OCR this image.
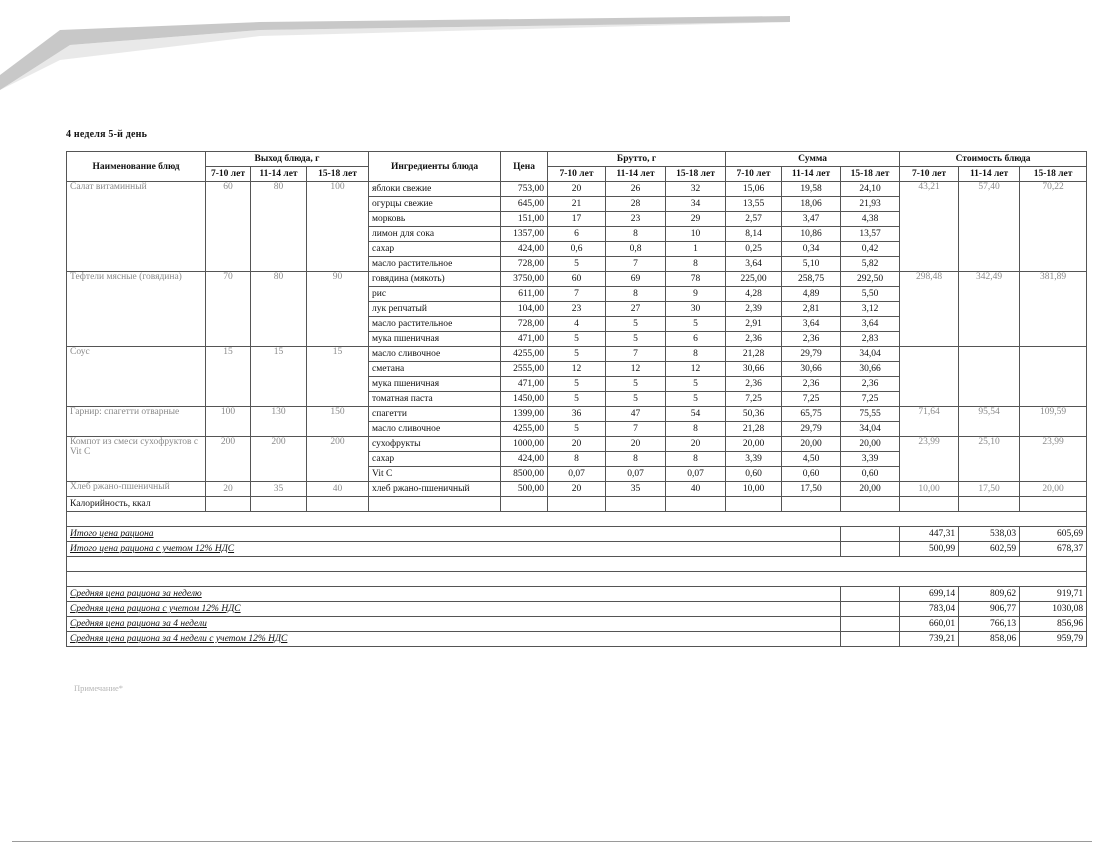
4 неделя 5-й день
Наименование блюд	Выход блюда, г			Ингредиенты блюда	Цена	Брутто, г			Сумма			Стоимость блюда		
	7-10 лет	11-14 лет	15-18 лет			7-10 лет	11-14 лет	15-18 лет	7-10 лет	11-14 лет	15-18 лет	7-10 лет	11-14 лет	15-18 лет
Салат витаминный	60	80	100	яблоки свежие	753,00	20	26	32	15,06	19,58	24,10	43,21	57,40	70,22
				огурцы свежие	645,00	21	28	34	13,55	18,06	21,93			
				морковь	151,00	17	23	29	2,57	3,47	4,38			
				лимон для сока	1357,00	6	8	10	8,14	10,86	13,57			
				сахар	424,00	0,6	0,8	1	0,25	0,34	0,42			
				масло растительное	728,00	5	7	8	3,64	5,10	5,82			
Тефтели мясные (говядина)	70	80	90	говядина (мякоть)	3750,00	60	69	78	225,00	258,75	292,50	298,48	342,49	381,89
				рис	611,00	7	8	9	4,28	4,89	5,50			
				лук репчатый	104,00	23	27	30	2,39	2,81	3,12			
				масло растительное	728,00	4	5	5	2,91	3,64	3,64			
				мука пшеничная	471,00	5	5	6	2,36	2,36	2,83			
Соус	15	15	15	масло сливочное	4255,00	5	7	8	21,28	29,79	34,04			
				сметана	2555,00	12	12	12	30,66	30,66	30,66			
				мука пшеничная	471,00	5	5	5	2,36	2,36	2,36			
				томатная паста	1450,00	5	5	5	7,25	7,25	7,25			
Гарнир: спагетти отварные	100	130	150	спагетти	1399,00	36	47	54	50,36	65,75	75,55	71,64	95,54	109,59
				масло сливочное	4255,00	5	7	8	21,28	29,79	34,04			
Компот из смеси сухофруктов с Vit C	200	200	200	сухофрукты	1000,00	20	20	20	20,00	20,00	20,00	23,99	25,10	23,99
				сахар	424,00	8	8	8	3,39	4,50	3,39			
				Vit C	8500,00	0,07	0,07	0,07	0,60	0,60	0,60			
Хлеб ржано-пшеничный	20	35	40	хлеб ржано-пшеничный	500,00	20	35	40	10,00	17,50	20,00	10,00	17,50	20,00
Калорийность, ккал														

Итого цена рациона												447,31	538,03	605,69
Итого цена рациона с учетом 12% НДС												500,99	602,59	678,37

Средняя цена рациона за неделю												699,14	809,62	919,71
Средняя цена рациона с учетом 12% НДС												783,04	906,77	1030,08
Средняя цена рациона за 4 недели												660,01	766,13	856,96
Средняя цена рациона за 4 недели с учетом 12% НДС												739,21	858,06	959,79
Примечание*
